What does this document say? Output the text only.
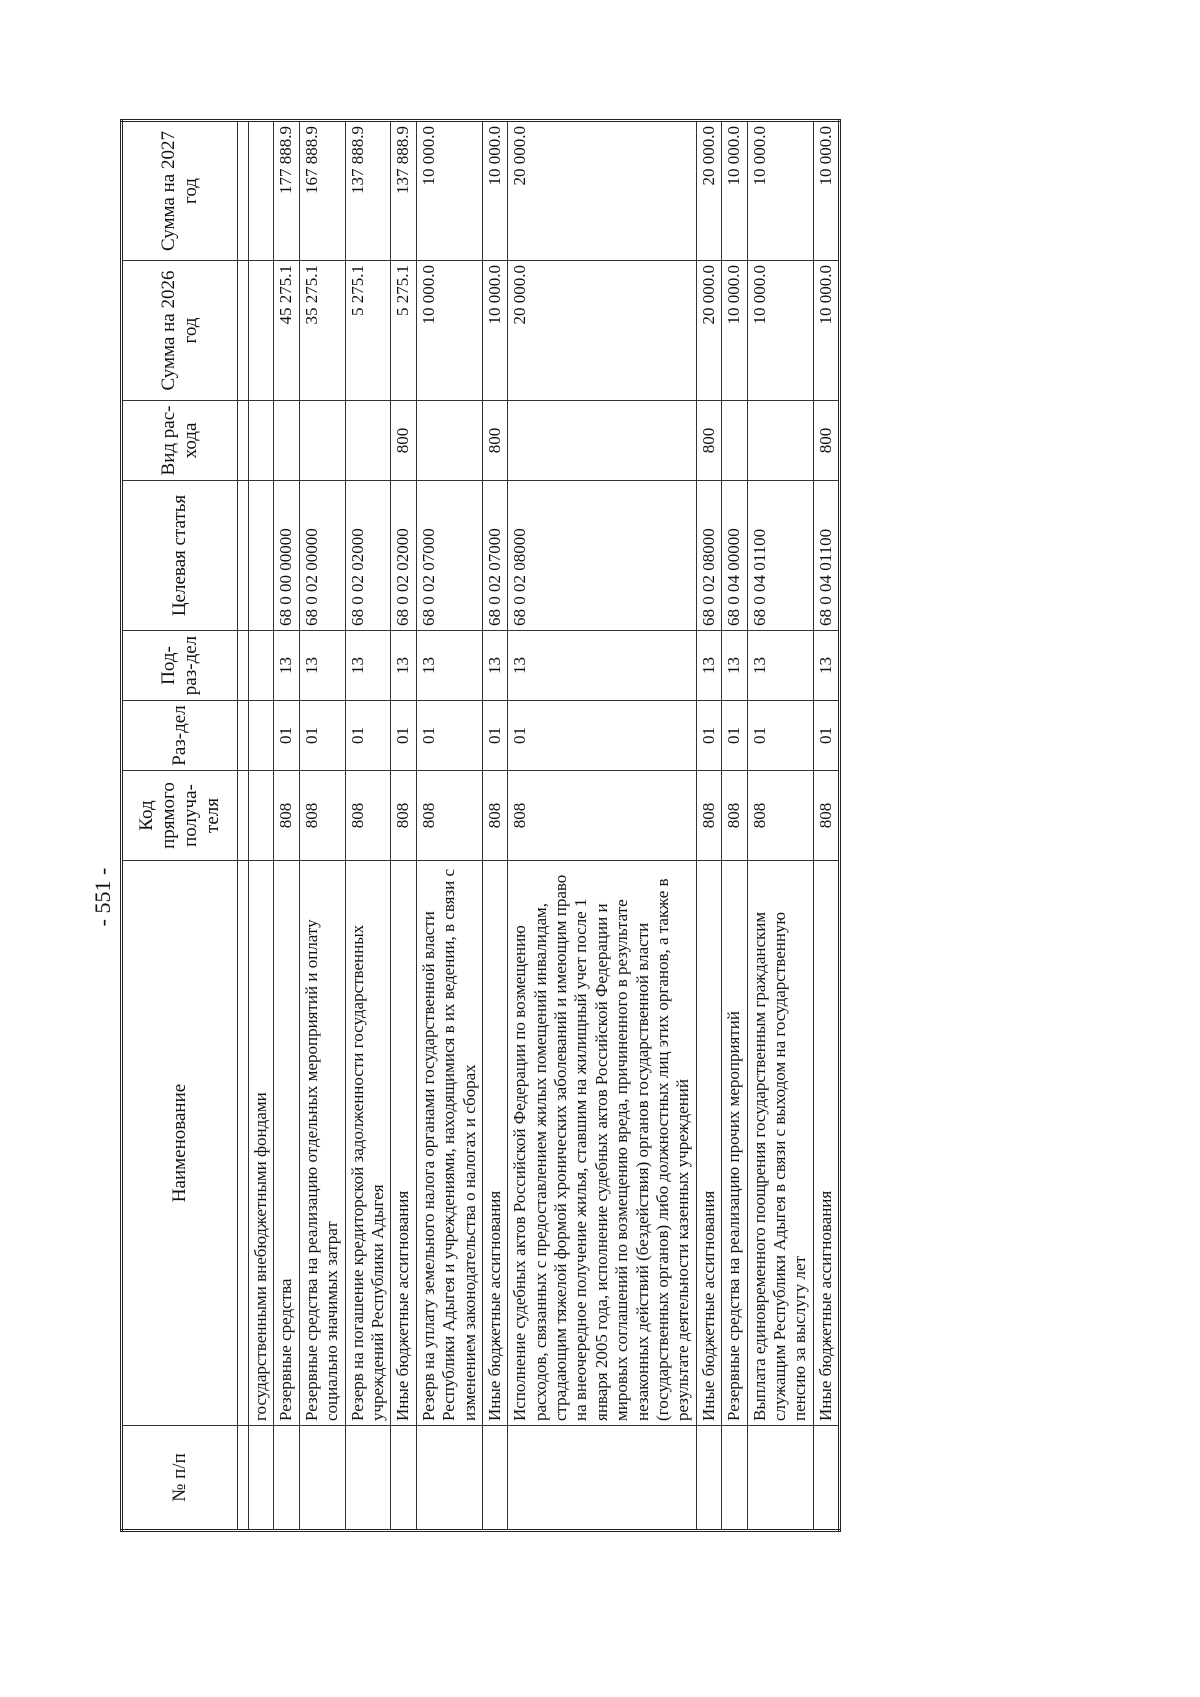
- 551 -
№ п/п	Наименование	Код прямого получа-теля	Раз-дел	Под-раз-дел	Целевая статья	Вид рас-хода	Сумма на 2026 год	Сумма на 2027 год

	государственными внебюджетными фондами							
	Резервные средства	808	01	13	68 0 00 00000		45 275.1	177 888.9
	Резервные средства на реализацию отдельных мероприятий и оплату социально значимых затрат	808	01	13	68 0 02 00000		35 275.1	167 888.9
	Резерв на погашение кредиторской задолженности государственных учреждений Республики Адыгея	808	01	13	68 0 02 02000		5 275.1	137 888.9
	Иные бюджетные ассигнования	808	01	13	68 0 02 02000	800	5 275.1	137 888.9
	Резерв на уплату земельного налога органами государственной власти Республики Адыгея и учреждениями, находящимися в их ведении, в связи с изменением законодательства о налогах и сборах	808	01	13	68 0 02 07000		10 000.0	10 000.0
	Иные бюджетные ассигнования	808	01	13	68 0 02 07000	800	10 000.0	10 000.0
	Исполнение судебных актов Российской Федерации по возмещению расходов, связанных с предоставлением жилых помещений инвалидам, страдающим тяжелой формой хронических заболеваний и имеющим право на внеочередное получение жилья, ставшим на жилищный учет после 1 января 2005 года, исполнение судебных актов Российской Федерации и мировых соглашений по возмещению вреда, причиненного в результате незаконных действий (бездействия) органов государственной власти (государственных органов) либо должностных лиц этих органов, а также в результате деятельности казенных учреждений	808	01	13	68 0 02 08000		20 000.0	20 000.0
	Иные бюджетные ассигнования	808	01	13	68 0 02 08000	800	20 000.0	20 000.0
	Резервные средства на реализацию прочих мероприятий	808	01	13	68 0 04 00000		10 000.0	10 000.0
	Выплата единовременного поощрения государственным гражданским служащим Республики Адыгея в связи с выходом на государственную пенсию за выслугу лет	808	01	13	68 0 04 01100		10 000.0	10 000.0
	Иные бюджетные ассигнования	808	01	13	68 0 04 01100	800	10 000.0	10 000.0
